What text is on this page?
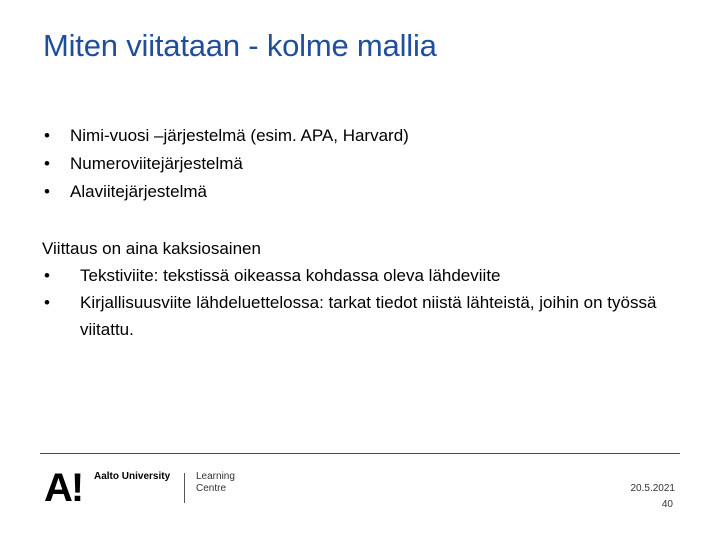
Miten viitataan - kolme mallia
• Nimi-vuosi –järjestelmä (esim. APA, Harvard)
• Numeroviitejärjestelmä
• Alaviitejärjestelmä
Viittaus on aina kaksiosainen
• Tekstiviite: tekstissä oikeassa kohdassa oleva lähdeviite
• Kirjallisuusviite lähdeluettelossa: tarkat tiedot niistä lähteistä, joihin on työssä viitattu.
A! Aalto University	Learning
Centre	20.5.2021
40
